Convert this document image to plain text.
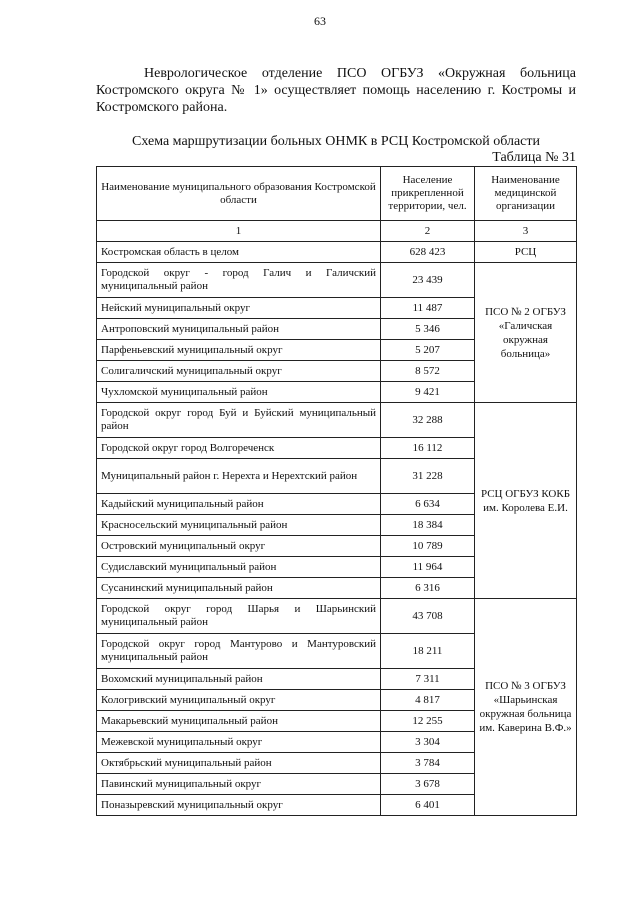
63

Неврологическое отделение ПСО ОГБУЗ «Окружная больница Костромского округа № 1» осуществляет помощь населению г. Костромы и Костромского района.

Схема маршрутизации больных ОНМК в РСЦ Костромской области
Таблица № 31
Наименование муниципального образования Костромской области	Население прикрепленной территории, чел.	Наименование медицинской организации
1	2	3
Костромская область в целом	628 423	РСЦ
Городской округ - город Галич и Галичский муниципальный район	23 439	ПСО № 2 ОГБУЗ «Галичская окружная больница»
Нейский муниципальный округ	11 487	
Антроповский муниципальный район	5 346	
Парфеньевский муниципальный округ	5 207	
Солигаличский муниципальный округ	8 572	
Чухломской муниципальный район	9 421	
Городской округ город Буй и Буйский муниципальный район	32 288	РСЦ ОГБУЗ КОКБ им. Королева Е.И.
Городской округ город Волгореченск	16 112	
Муниципальный район г. Нерехта и Нерехтский район	31 228	
Кадыйский муниципальный район	6 634	
Красносельский муниципальный район	18 384	
Островский муниципальный округ	10 789	
Судиславский муниципальный район	11 964	
Сусанинский муниципальный район	6 316	
Городской округ город Шарья и Шарьинский муниципальный район	43 708	ПСО № 3 ОГБУЗ «Шарьинская окружная больница им. Каверина В.Ф.»
Городской округ город Мантурово и Мантуровский муниципальный район	18 211	
Вохомский муниципальный район	7 311	
Кологривский муниципальный округ	4 817	
Макарьевский муниципальный район	12 255	
Межевской муниципальный округ	3 304	
Октябрьский муниципальный район	3 784	
Павинский муниципальный округ	3 678	
Поназыревский муниципальный округ	6 401	
